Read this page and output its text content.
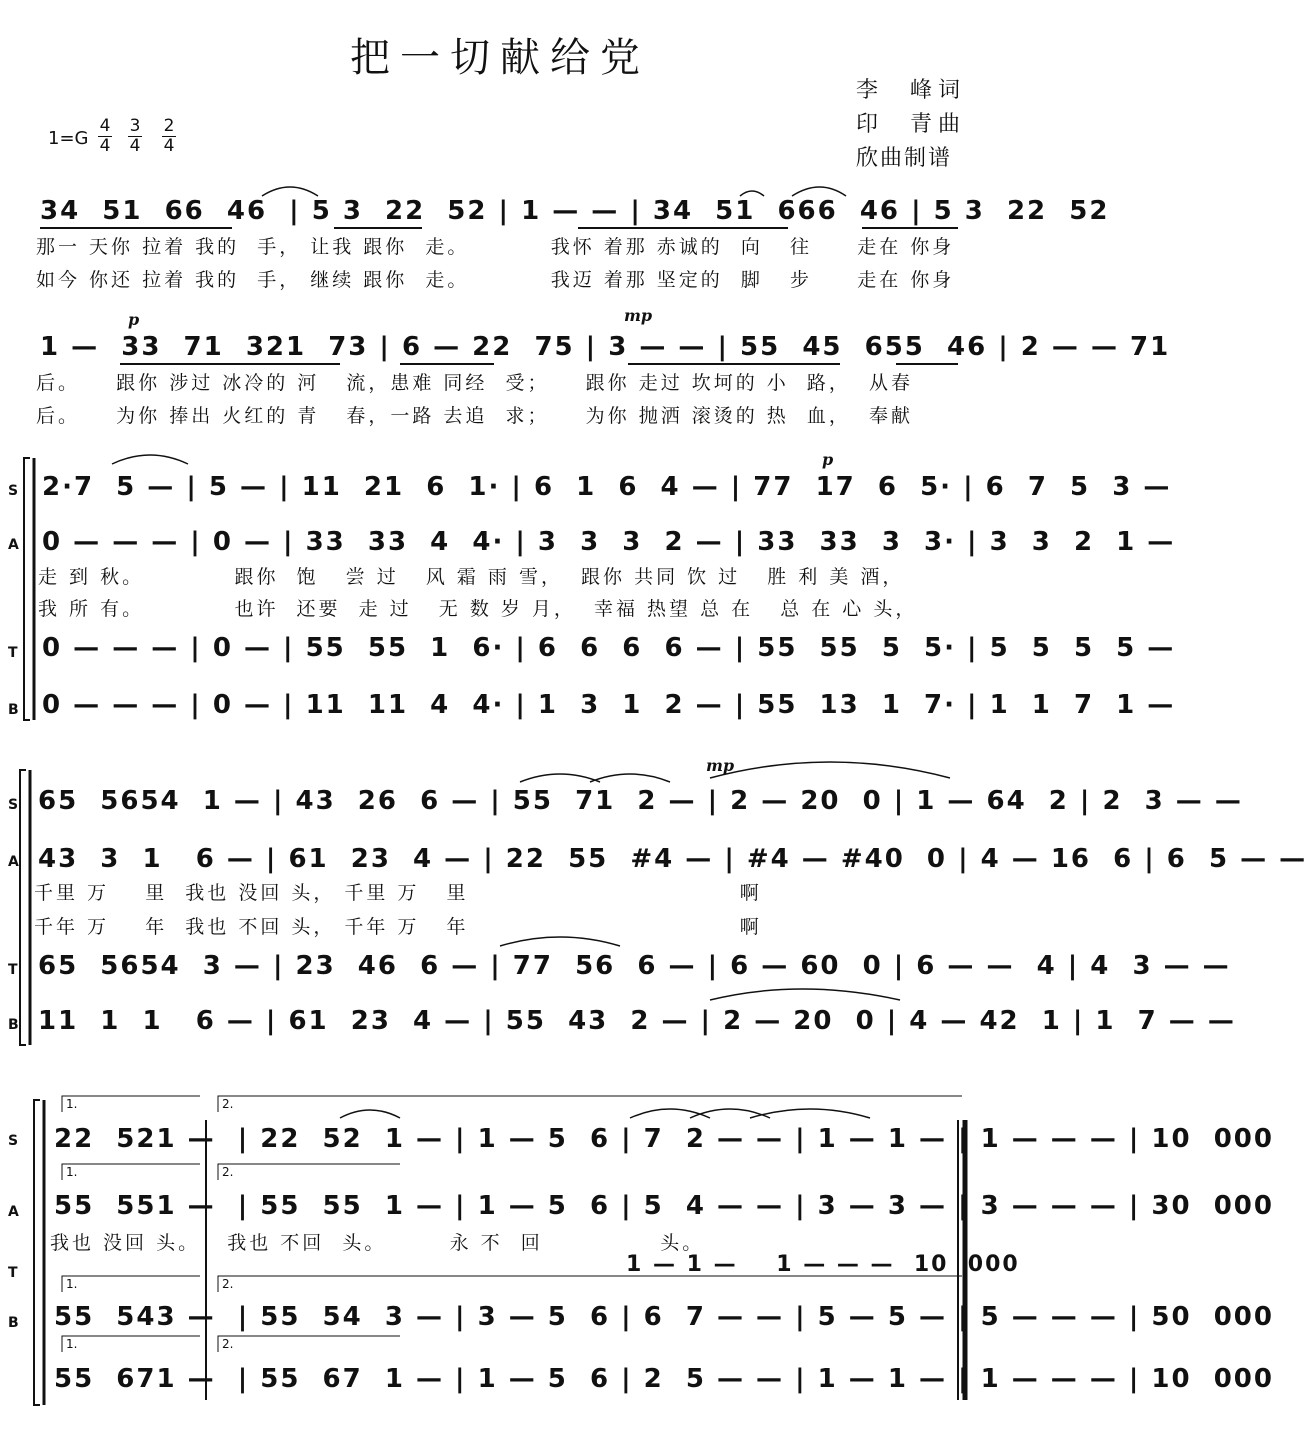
把一切献给党
李  峰词
印  青曲
欣曲制谱
1=G
4
4
3
4
2
4
34  51  66  46  | 5 3  22  52 | 1 — — | 34  51  666  46 | 5 3  22  52
那一 天你 拉着 我的  手， 让我 跟你  走。         我怀 着那 赤诚的  向   往     走在 你身
如今 你还 拉着 我的  手， 继续 跟你  走。         我迈 着那 坚定的  脚   步     走在 你身
p	mp
1 —  33  71  321  73 | 6 — 22  75 | 3 — — | 55  45  655  46 | 2 — — 71
后。    跟你 涉过 冰冷的 河   流，患难 同经  受；    跟你 走过 坎坷的 小  路，  从春
后。    为你 捧出 火红的 青   春，一路 去追  求；    为你 抛洒 滚烫的 热  血，  奉献
S
A
T
B
p
2·7  5 — | 5 — | 11  21  6  1· | 6  1  6  4 — | 77  17  6  5· | 6  7  5  3 —
0 — — — | 0 — | 33  33  4  4· | 3  3  3  2 — | 33  33  3  3· | 3  3  2  1 —
走 到 秋。          跟你  饱   尝 过   风 霜 雨 雪，  跟你 共同 饮 过   胜 利 美 酒，
我 所 有。          也许  还要  走 过   无 数 岁 月，  幸福 热望 总 在   总 在 心 头，
0 — — — | 0 — | 55  55  1  6· | 6  6  6  6 — | 55  55  5  5· | 5  5  5  5 —
0 — — — | 0 — | 11  11  4  4· | 1  3  1  2 — | 55  13  1  7· | 1  1  7  1 —
S
A
T
B
mp
65  5654  1 — | 43  26  6 — | 55  71  2 — | 2 — 20  0 | 1 — 64  2 | 2  3 — —
43  3  1   6 — | 61  23  4 — | 22  55  #4 — | #4 — #40  0 | 4 — 16  6 | 6  5 — —
千里 万    里  我也 没回 头， 千里 万   里                              啊
千年 万    年  我也 不回 头， 千年 万   年                              啊
65  5654  3 — | 23  46  6 — | 77  56  6 — | 6 — 60  0 | 6 — —  4 | 4  3 — —
11  1  1   6 — | 61  23  4 — | 55  43  2 — | 2 — 20  0 | 4 — 42  1 | 1  7 — —
S
A
T
B
1.	2.
1.	2.
1.	2.
1.	2.
22  521 —  | 22  52  1 — | 1 — 5  6 | 7  2 — — | 1 — 1 — | 1 — — — | 10  000
55  551 —  | 55  55  1 — | 1 — 5  6 | 5  4 — — | 3 — 3 — | 3 — — — | 30  000
我也 没回 头。   我也 不回  头。       永 不  回             头。
1 — 1 —    1 — — —  10  000
55  543 —  | 55  54  3 — | 3 — 5  6 | 6  7 — — | 5 — 5 — | 5 — — — | 50  000
55  671 —  | 55  67  1 — | 1 — 5  6 | 2  5 — — | 1 — 1 — | 1 — — — | 10  000
